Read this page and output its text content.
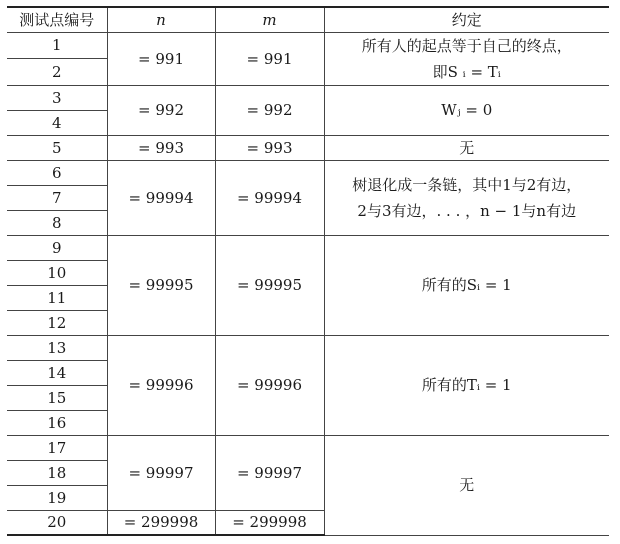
测试点编号	n	m	约定
1	= 991	= 991	所有人的起点等于自己的终点，
即S ᵢ = Tᵢ

2			
3	= 992	= 992	Wⱼ = 0
4			
5	= 993	= 993	无
6	= 99994	= 99994	树退化成一条链，其中1与2有边，
2与3有边，. . . ，n − 1与n有边

7			
8			
9	= 99995	= 99995	所有的Sᵢ = 1
10			
11			
12			
13	= 99996	= 99996	所有的Tᵢ = 1
14			
15			
16			
17	= 99997	= 99997	无
18			
19			
20	= 299998	= 299998	
